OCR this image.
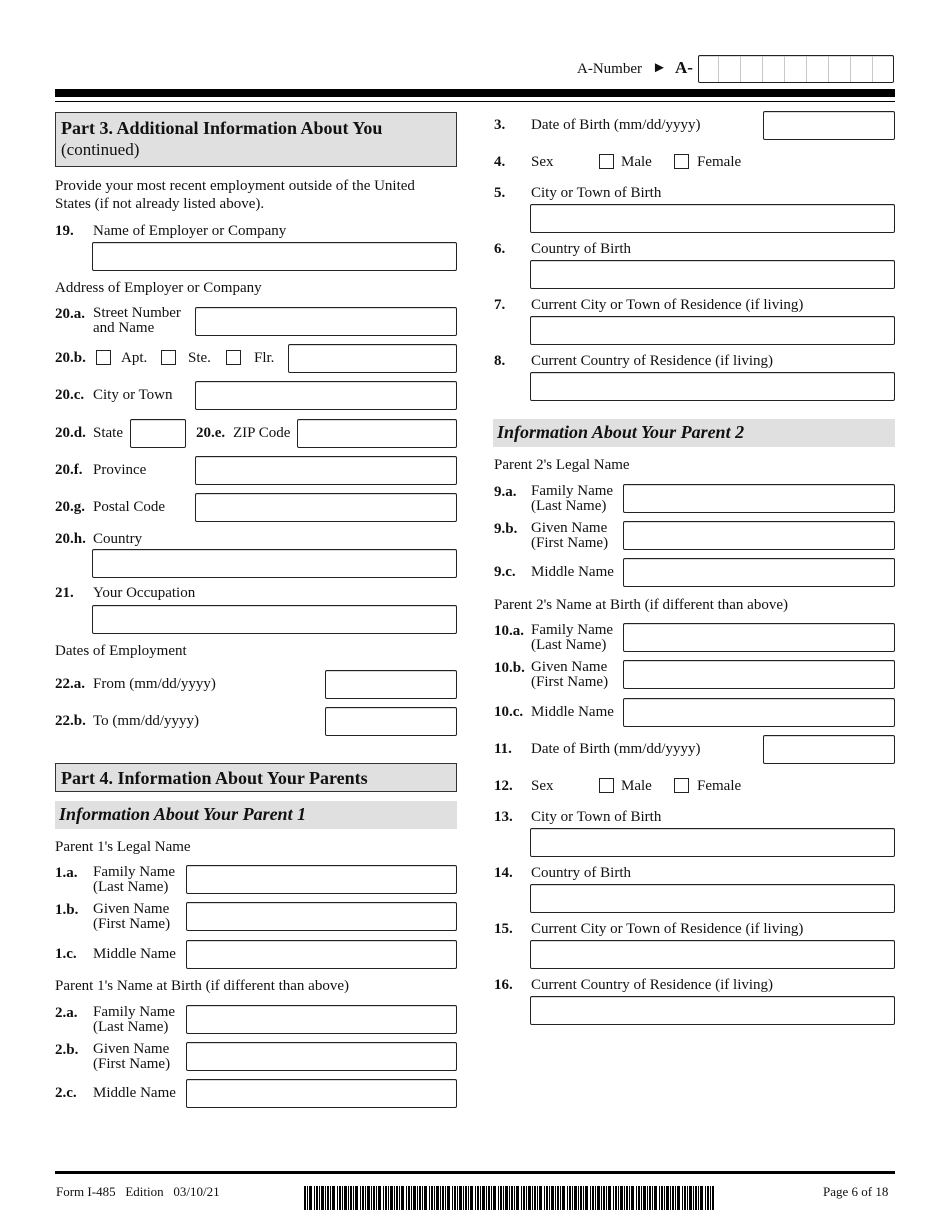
A-Number ► A-
Part 3. Additional Information About You
(continued)
Provide your most recent employment outside of the United States (if not already listed above).
19. Name of Employer or Company
Address of Employer or Company
20.a. Street Number
and Name
20.b. Apt.	Ste.	Flr.
20.c. City or Town
20.d. State	20.e. ZIP Code
20.f. Province
20.g. Postal Code
20.h. Country
21. Your Occupation
Dates of Employment
22.a. From (mm/dd/yyyy)
22.b. To (mm/dd/yyyy)
Part 4. Information About Your Parents
Information About Your Parent 1
Parent 1's Legal Name
1.a. Family Name
(Last Name)
1.b. Given Name
(First Name)
1.c. Middle Name
Parent 1's Name at Birth (if different than above)
2.a. Family Name
(Last Name)
2.b. Given Name
(First Name)
2.c. Middle Name
3. Date of Birth (mm/dd/yyyy)
4. Sex	Male	Female
5. City or Town of Birth
6. Country of Birth
7. Current City or Town of Residence (if living)
8. Current Country of Residence (if living)
Information About Your Parent 2
Parent 2's Legal Name
9.a. Family Name
(Last Name)
9.b. Given Name
(First Name)
9.c. Middle Name
Parent 2's Name at Birth (if different than above)
10.a. Family Name
(Last Name)
10.b. Given Name
(First Name)
10.c. Middle Name
11. Date of Birth (mm/dd/yyyy)
12. Sex	Male	Female
13. City or Town of Birth
14. Country of Birth
15. Current City or Town of Residence (if living)
16. Current Country of Residence (if living)
Form I-485   Edition   03/10/21	Page 6 of 18
